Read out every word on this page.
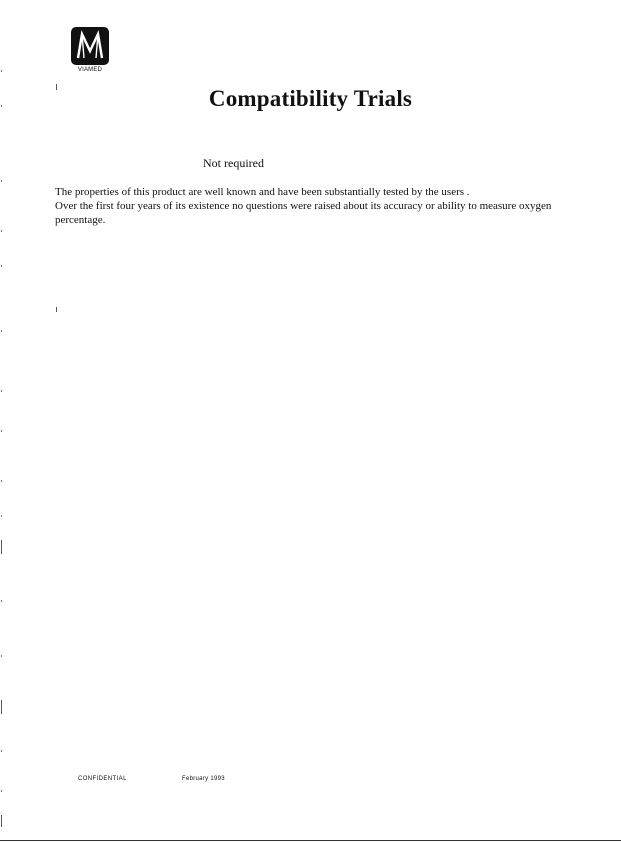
VIAMED
Compatibility Trials
Not required

The properties of this product are well known and have been substantially tested by the users .

Over the first four years of its existence no questions were raised about its accuracy or ability to measure oxygen percentage.

CONFIDENTIAL	February 1993
